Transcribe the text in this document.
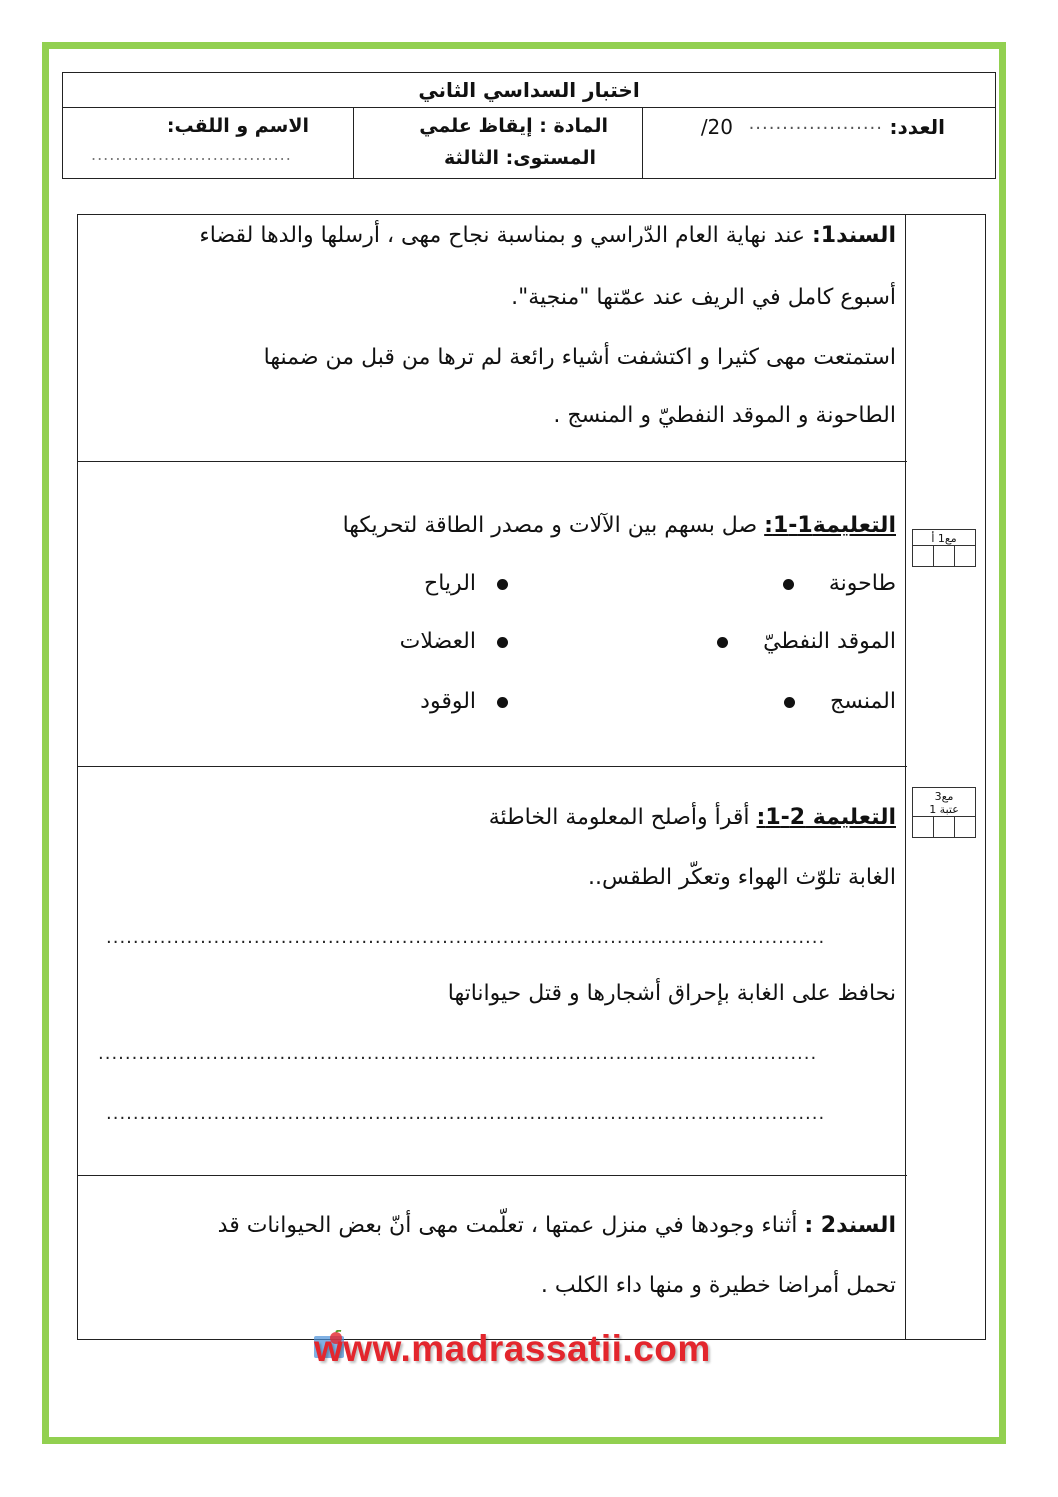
اختبار السداسي الثاني
العدد:
....................
/20
المادة : إيقاظ علمي
المستوى: الثالثة
الاسم و اللقب:
.................................
السند1: عند نهاية العام الدّراسي و بمناسبة نجاح مهى ، أرسلها والدها لقضاء
أسبوع كامل في الريف عند عمّتها "منجية".
استمتعت مهى كثيرا و اكتشفت أشياء رائعة لم ترها من قبل من ضمنها
الطاحونة و الموقد النفطيّ و المنسج .
التعليمة1-1: صل بسهم بين الآلات و مصدر الطاقة لتحريكها
طاحونة
الرياح
الموقد النفطيّ
العضلات
المنسج
الوقود
التعليمة 2-1: أقرأ وأصلح المعلومة الخاطئة
الغابة تلوّث الهواء وتعكّر الطقس..
...........................................................................................................
نحافظ على الغابة بإحراق أشجارها و قتل حيواناتها
...........................................................................................................
...........................................................................................................
السند2 : أثناء وجودها في منزل عمتها ، تعلّمت مهى أنّ بعض الحيوانات قد
تحمل أمراضا خطيرة و منها داء الكلب .
مع1 أ
مع3
عتبة 1
www.madrassatii.com
